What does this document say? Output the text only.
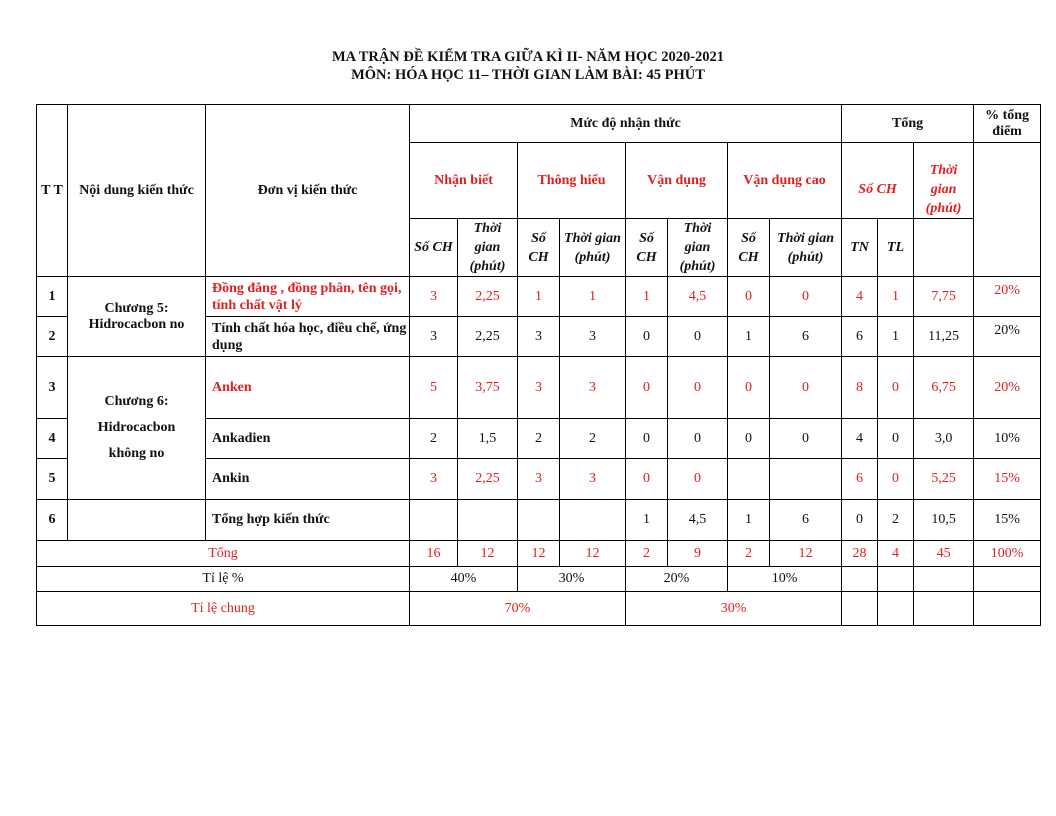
MA TRẬN ĐỀ KIỂM TRA GIỮA KÌ II- NĂM HỌC 2020-2021
MÔN: HÓA HỌC 11– THỜI GIAN LÀM BÀI: 45 PHÚT
T T	Nội dung kiến thức	Đơn vị kiến thức	Mức độ nhận thức								Tổng			% tổng điểm
			Nhận biết		Thông hiểu		Vận dụng		Vận dụng cao		Số CH		Thời gian (phút)	
			Số CH	Thời gian (phút)	Số CH	Thời gian (phút)	Số CH	Thời gian (phút)	Số CH	Thời gian (phút)	TN	TL		
1	Chương 5: Hidrocacbon no	Đồng đẳng , đồng phân, tên gọi, tính chất vật lý	3	2,25	1	1	1	4,5	0	0	4	1	7,75	20%
2		Tính chất hóa học, điều chế, ứng dụng	3	2,25	3	3	0	0	1	6	6	1	11,25	20%
3	Chương 6:
Hidrocacbon
không no	Anken	5	3,75	3	3	0	0	0	0	8	0	6,75	20%
4		Ankadien	2	1,5	2	2	0	0	0	0	4	0	3,0	10%
5		Ankin	3	2,25	3	3	0	0			6	0	5,25	15%
6		Tổng hợp kiến thức					1	4,5	1	6	0	2	10,5	15%
Tổng			16	12	12	12	2	9	2	12	28	4	45	100%
Tỉ lệ %			40%		30%		20%		10%					
Tỉ lệ chung			70%				30%							
